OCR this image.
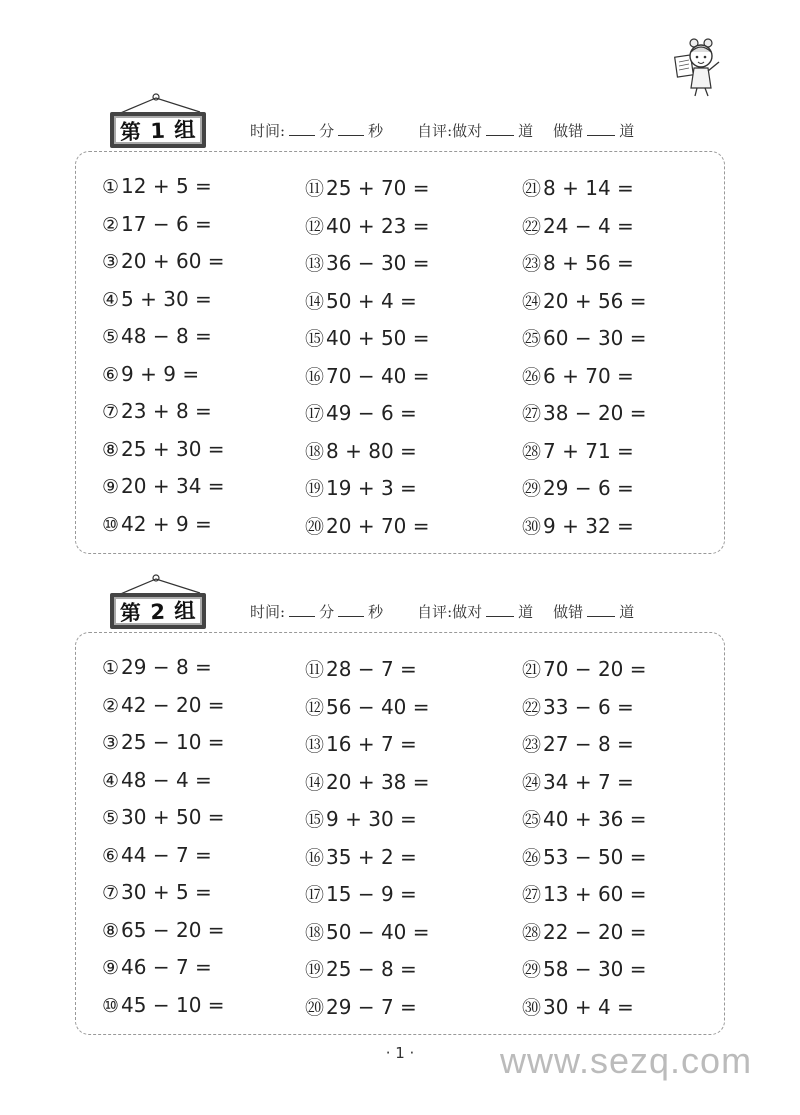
第 1 组	时间: 分 秒 自评:做对 道 做错 道
① 12 + 5 =
② 17 − 6 =
③ 20 + 60 =
④ 5 + 30 =
⑤ 48 − 8 =
⑥ 9 + 9 =
⑦ 23 + 8 =
⑧ 25 + 30 =
⑨ 20 + 34 =
⑩ 42 + 9 =
⑪ 25 + 70 =
⑫ 40 + 23 =
⑬ 36 − 30 =
⑭ 50 + 4 =
⑮ 40 + 50 =
⑯ 70 − 40 =
⑰ 49 − 6 =
⑱ 8 + 80 =
⑲ 19 + 3 =
⑳ 20 + 70 =
㉑ 8 + 14 =
㉒ 24 − 4 =
㉓ 8 + 56 =
㉔ 20 + 56 =
㉕ 60 − 30 =
㉖ 6 + 70 =
㉗ 38 − 20 =
㉘ 7 + 71 =
㉙ 29 − 6 =
㉚ 9 + 32 =
第 2 组	时间: 分 秒 自评:做对 道 做错 道
① 29 − 8 =
② 42 − 20 =
③ 25 − 10 =
④ 48 − 4 =
⑤ 30 + 50 =
⑥ 44 − 7 =
⑦ 30 + 5 =
⑧ 65 − 20 =
⑨ 46 − 7 =
⑩ 45 − 10 =
⑪ 28 − 7 =
⑫ 56 − 40 =
⑬ 16 + 7 =
⑭ 20 + 38 =
⑮ 9 + 30 =
⑯ 35 + 2 =
⑰ 15 − 9 =
⑱ 50 − 40 =
⑲ 25 − 8 =
⑳ 29 − 7 =
㉑ 70 − 20 =
㉒ 33 − 6 =
㉓ 27 − 8 =
㉔ 34 + 7 =
㉕ 40 + 36 =
㉖ 53 − 50 =
㉗ 13 + 60 =
㉘ 22 − 20 =
㉙ 58 − 30 =
㉚ 30 + 4 =
· 1 ·	www.sezq.com
